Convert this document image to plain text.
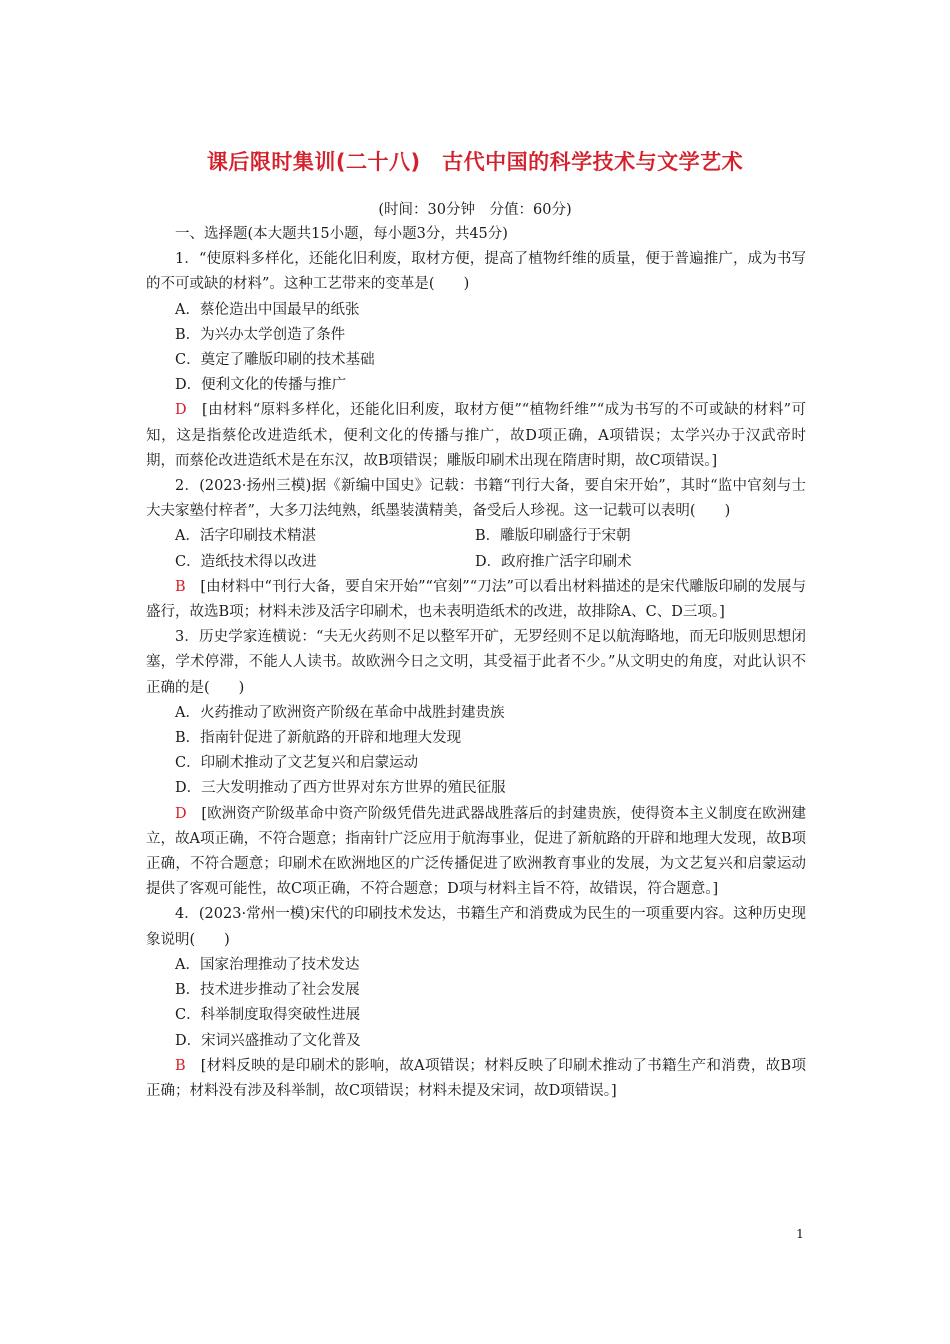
课后限时集训(二十八)　古代中国的科学技术与文学艺术
(时间：30分钟　分值：60分)

一、选择题(本大题共15小题，每小题3分，共45分)

1．“使原料多样化，还能化旧利废，取材方便，提高了植物纤维的质量，便于普遍推广，成为书写的不可或缺的材料”。这种工艺带来的变革是(　　)

A．蔡伦造出中国最早的纸张
B．为兴办太学创造了条件
C．奠定了雕版印刷的技术基础
D．便利文化的传播与推广

D　[由材料“原料多样化，还能化旧利废，取材方便”“植物纤维”“成为书写的不可或缺的材料”可知，这是指蔡伦改进造纸术，便利文化的传播与推广，故D项正确，A项错误；太学兴办于汉武帝时期，而蔡伦改进造纸术是在东汉，故B项错误；雕版印刷术出现在隋唐时期，故C项错误。]

2．(2023·扬州三模)据《新编中国史》记载：书籍“刊行大备，要自宋开始”，其时“监中官刻与士大夫家塾付梓者”，大多刀法纯熟，纸墨装潢精美，备受后人珍视。这一记载可以表明(　　)

A．活字印刷技术精湛	B．雕版印刷盛行于宋朝
C．造纸技术得以改进	D．政府推广活字印刷术

B　[由材料中“刊行大备，要自宋开始”“官刻”“刀法”可以看出材料描述的是宋代雕版印刷的发展与盛行，故选B项；材料未涉及活字印刷术，也未表明造纸术的改进，故排除A、C、D三项。]

3．历史学家连横说：“夫无火药则不足以整军开矿，无罗经则不足以航海略地，而无印版则思想闭塞，学术停滞，不能人人读书。故欧洲今日之文明，其受福于此者不少。”从文明史的角度，对此认识不正确的是(　　)

A．火药推动了欧洲资产阶级在革命中战胜封建贵族
B．指南针促进了新航路的开辟和地理大发现
C．印刷术推动了文艺复兴和启蒙运动
D．三大发明推动了西方世界对东方世界的殖民征服

D　[欧洲资产阶级革命中资产阶级凭借先进武器战胜落后的封建贵族，使得资本主义制度在欧洲建立，故A项正确，不符合题意；指南针广泛应用于航海事业，促进了新航路的开辟和地理大发现，故B项正确，不符合题意；印刷术在欧洲地区的广泛传播促进了欧洲教育事业的发展，为文艺复兴和启蒙运动提供了客观可能性，故C项正确，不符合题意；D项与材料主旨不符，故错误，符合题意。]

4．(2023·常州一模)宋代的印刷技术发达，书籍生产和消费成为民生的一项重要内容。这种历史现象说明(　　)

A．国家治理推动了技术发达
B．技术进步推动了社会发展
C．科举制度取得突破性进展
D．宋词兴盛推动了文化普及

B　[材料反映的是印刷术的影响，故A项错误；材料反映了印刷术推动了书籍生产和消费，故B项正确；材料没有涉及科举制，故C项错误；材料未提及宋词，故D项错误。]

1
